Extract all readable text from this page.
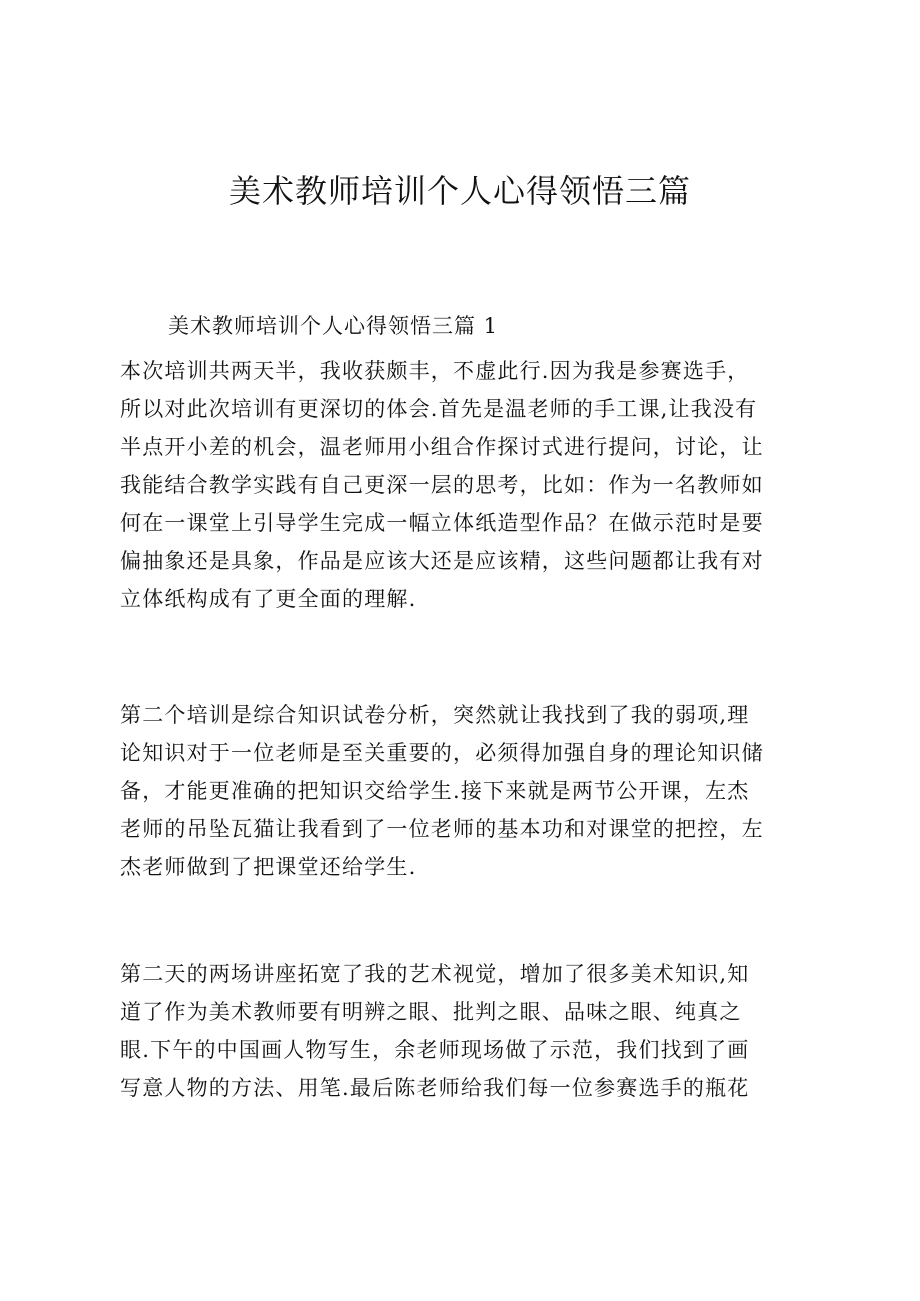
美术教师培训个人心得领悟三篇
美术教师培训个人心得领悟三篇 1
本次培训共两天半，我收获颇丰，不虚此行.因为我是参赛选手，
所以对此次培训有更深切的体会.首先是温老师的手工课,让我没有
半点开小差的机会，温老师用小组合作探讨式进行提问，讨论，让
我能结合教学实践有自己更深一层的思考，比如：作为一名教师如
何在一课堂上引导学生完成一幅立体纸造型作品？在做示范时是要
偏抽象还是具象，作品是应该大还是应该精，这些问题都让我有对
立体纸构成有了更全面的理解.
第二个培训是综合知识试卷分析，突然就让我找到了我的弱项,理
论知识对于一位老师是至关重要的，必须得加强自身的理论知识储
备，才能更准确的把知识交给学生.接下来就是两节公开课，左杰
老师的吊坠瓦猫让我看到了一位老师的基本功和对课堂的把控，左
杰老师做到了把课堂还给学生.
第二天的两场讲座拓宽了我的艺术视觉，增加了很多美术知识,知
道了作为美术教师要有明辨之眼、批判之眼、品味之眼、纯真之
眼.下午的中国画人物写生，余老师现场做了示范，我们找到了画
写意人物的方法、用笔.最后陈老师给我们每一位参赛选手的瓶花
